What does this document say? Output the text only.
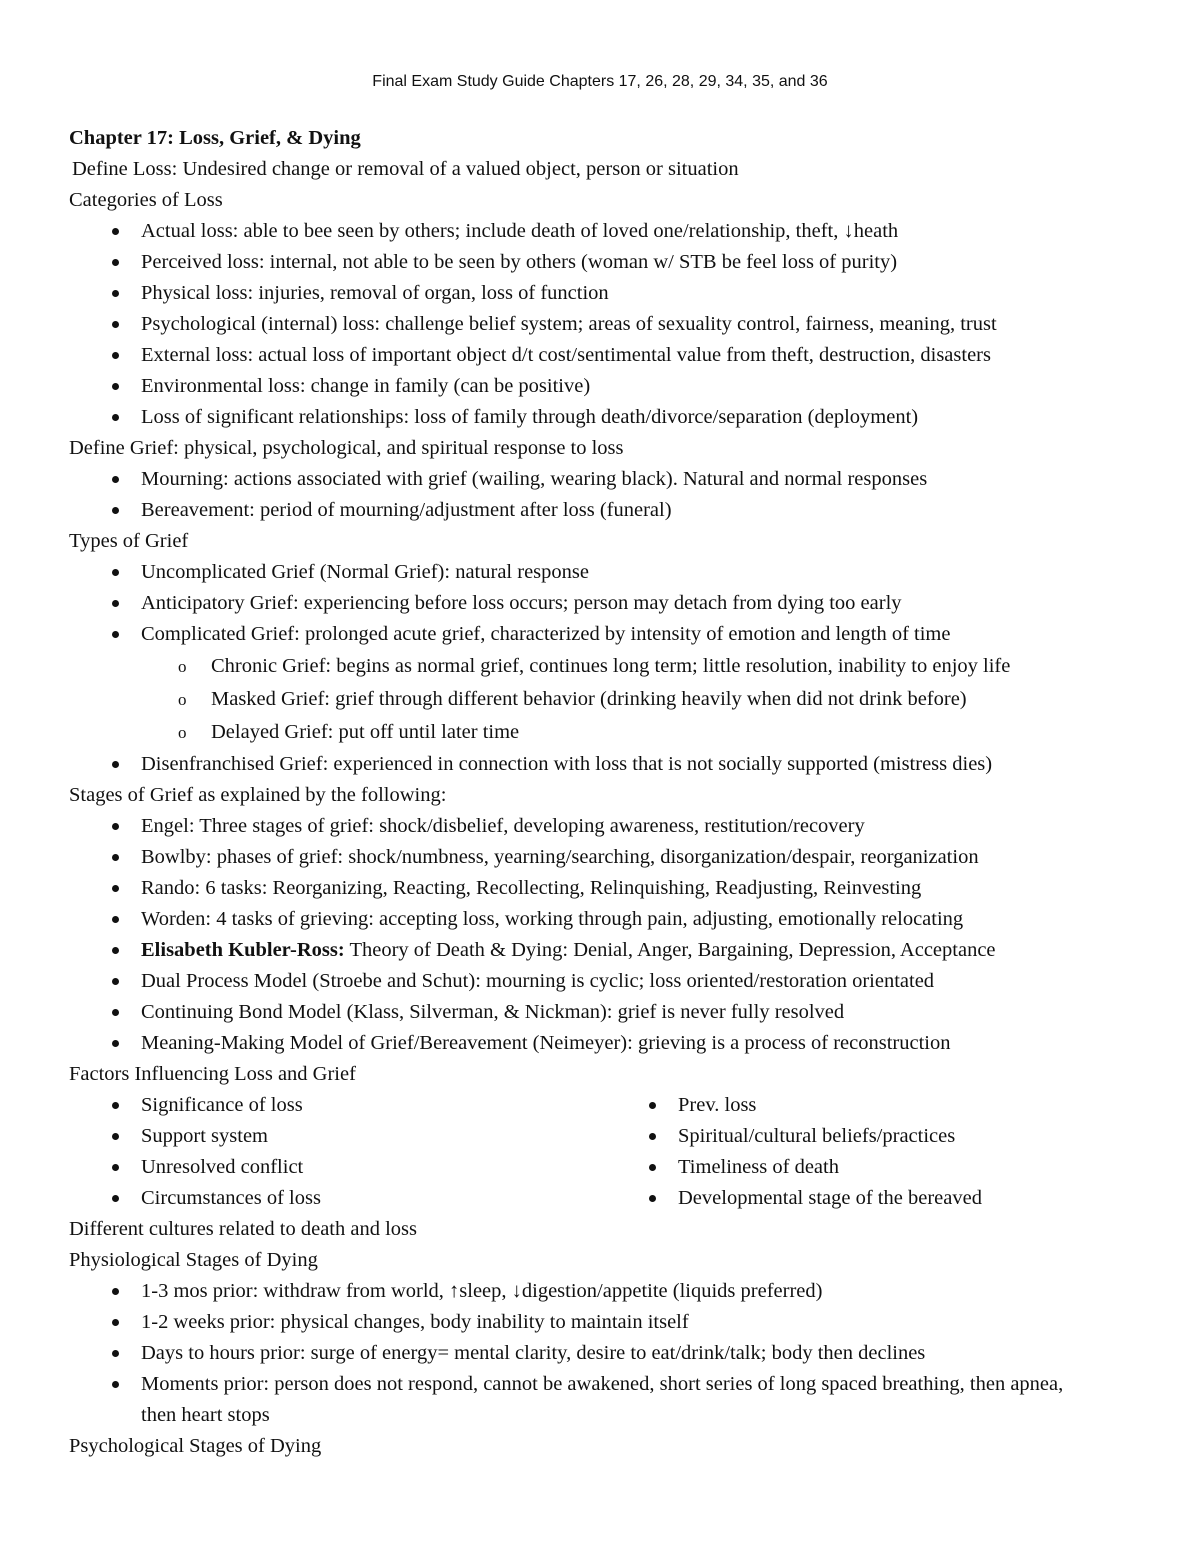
Final Exam Study Guide Chapters 17, 26, 28, 29, 34, 35, and 36
Chapter 17: Loss, Grief, & Dying
Define Loss: Undesired change or removal of a valued object, person or situation
Categories of Loss
Actual loss: able to bee seen by others; include death of loved one/relationship, theft, ↓heath
Perceived loss: internal, not able to be seen by others (woman w/ STB be feel loss of purity)
Physical loss: injuries, removal of organ, loss of function
Psychological (internal) loss: challenge belief system; areas of sexuality control, fairness, meaning, trust
External loss: actual loss of important object d/t cost/sentimental value from theft, destruction, disasters
Environmental loss: change in family (can be positive)
Loss of significant relationships: loss of family through death/divorce/separation (deployment)
Define Grief: physical, psychological, and spiritual response to loss
Mourning: actions associated with grief (wailing, wearing black). Natural and normal responses
Bereavement: period of mourning/adjustment after loss (funeral)
Types of Grief
Uncomplicated Grief (Normal Grief): natural response
Anticipatory Grief: experiencing before loss occurs; person may detach from dying too early
Complicated Grief: prolonged acute grief, characterized by intensity of emotion and length of time
o Chronic Grief: begins as normal grief, continues long term; little resolution, inability to enjoy life
o Masked Grief: grief through different behavior (drinking heavily when did not drink before)
o Delayed Grief: put off until later time
Disenfranchised Grief: experienced in connection with loss that is not socially supported (mistress dies)
Stages of Grief as explained by the following:
Engel: Three stages of grief: shock/disbelief, developing awareness, restitution/recovery
Bowlby: phases of grief: shock/numbness, yearning/searching, disorganization/despair, reorganization
Rando: 6 tasks: Reorganizing, Reacting, Recollecting, Relinquishing, Readjusting, Reinvesting
Worden: 4 tasks of grieving: accepting loss, working through pain, adjusting, emotionally relocating
Elisabeth Kubler-Ross: Theory of Death & Dying: Denial, Anger, Bargaining, Depression, Acceptance
Dual Process Model (Stroebe and Schut): mourning is cyclic; loss oriented/restoration orientated
Continuing Bond Model (Klass, Silverman, & Nickman): grief is never fully resolved
Meaning-Making Model of Grief/Bereavement (Neimeyer): grieving is a process of reconstruction
Factors Influencing Loss and Grief
Significance of loss
Support system
Unresolved conflict
Circumstances of loss
Prev. loss
Spiritual/cultural beliefs/practices
Timeliness of death
Developmental stage of the bereaved
Different cultures related to death and loss
Physiological Stages of Dying
1-3 mos prior: withdraw from world, ↑sleep, ↓digestion/appetite (liquids preferred)
1-2 weeks prior: physical changes, body inability to maintain itself
Days to hours prior: surge of energy= mental clarity, desire to eat/drink/talk; body then declines
Moments prior: person does not respond, cannot be awakened, short series of long spaced breathing, then apnea, then heart stops
Psychological Stages of Dying
